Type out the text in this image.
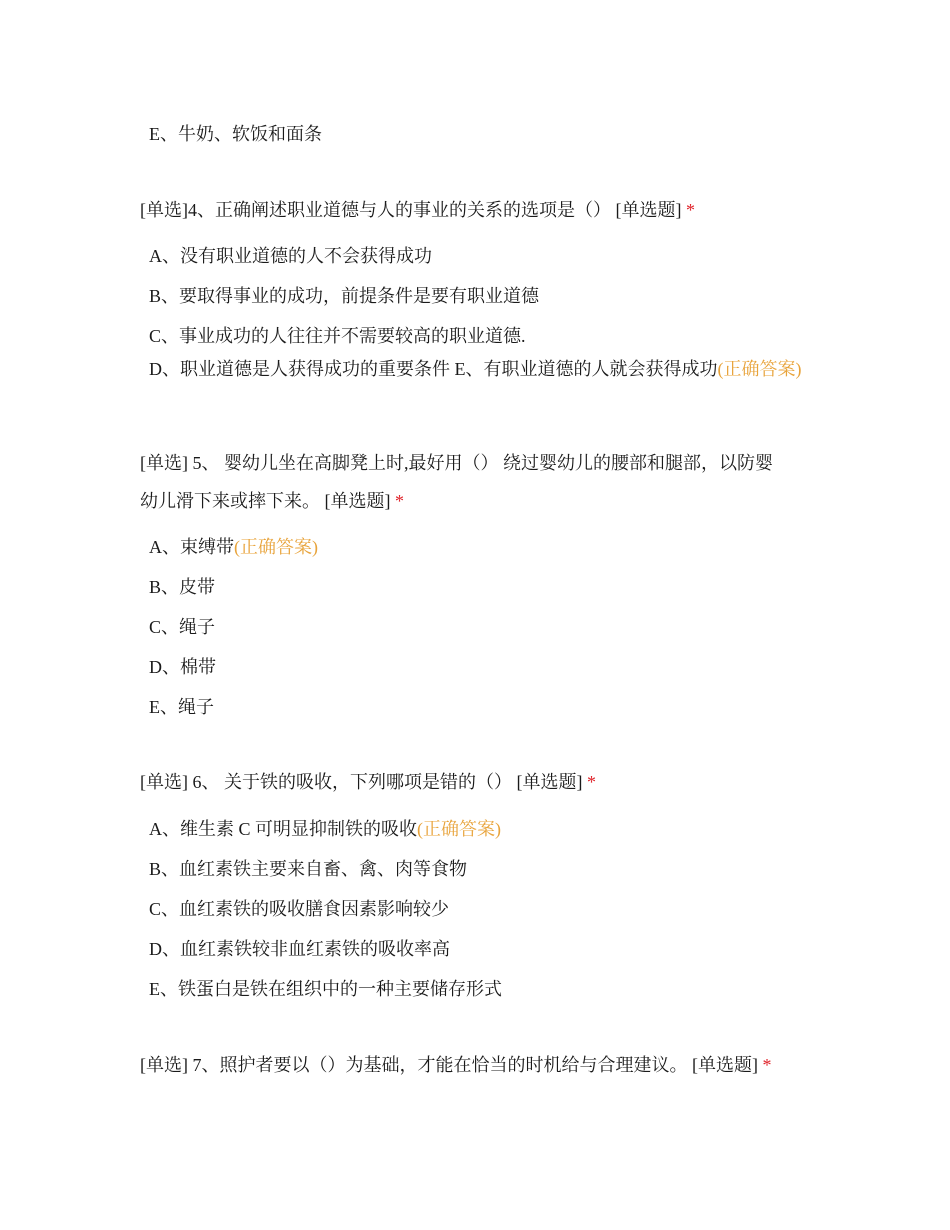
E、牛奶、软饭和面条
[单选]4、正确阐述职业道德与人的事业的关系的选项是（） [单选题] *
A、没有职业道德的人不会获得成功
B、要取得事业的成功，前提条件是要有职业道德
C、事业成功的人往往并不需要较高的职业道德.
D、职业道德是人获得成功的重要条件 E、有职业道德的人就会获得成功(正确答案)
[单选] 5、 婴幼儿坐在高脚凳上时,最好用（） 绕过婴幼儿的腰部和腿部，以防婴
幼儿滑下来或摔下来。 [单选题] *
A、束缚带(正确答案)
B、皮带
C、绳子
D、棉带
E、绳子
[单选] 6、 关于铁的吸收，下列哪项是错的（） [单选题] *
A、维生素 C 可明显抑制铁的吸收(正确答案)
B、血红素铁主要来自畜、禽、肉等食物
C、血红素铁的吸收膳食因素影响较少
D、血红素铁较非血红素铁的吸收率高
E、铁蛋白是铁在组织中的一种主要储存形式
[单选] 7、照护者要以（）为基础，才能在恰当的时机给与合理建议。 [单选题] *
